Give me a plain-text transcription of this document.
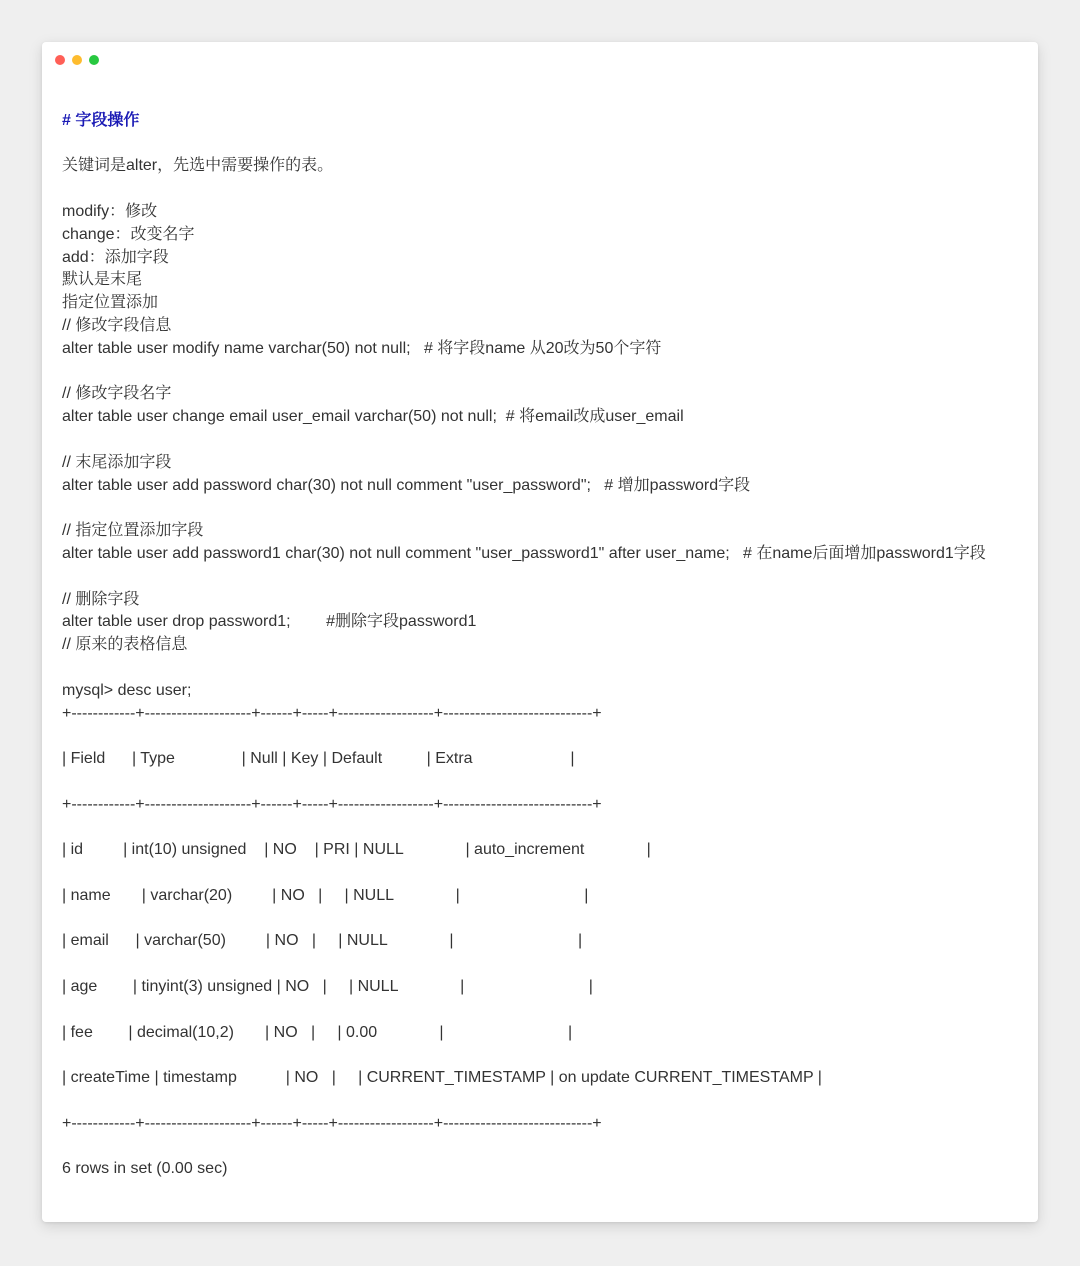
# 字段操作
关键词是alter，先选中需要操作的表。
modify：修改
change：改变名字
add：添加字段
默认是末尾
指定位置添加
// 修改字段信息
alter table user modify name varchar(50) not null;   # 将字段name 从20改为50个字符
// 修改字段名字
alter table user change email user_email varchar(50) not null;  # 将email改成user_email
// 末尾添加字段
alter table user add password char(30) not null comment "user_password";   # 增加password字段
// 指定位置添加字段
alter table user add password1 char(30) not null comment "user_password1" after user_name;   # 在name后面增加password1字段
// 删除字段
alter table user drop password1;        #删除字段password1
// 原来的表格信息
mysql> desc user;
+------------+--------------------+------+-----+------------------+----------------------------+
| Field      | Type               | Null | Key | Default          | Extra                      |
+------------+--------------------+------+-----+------------------+----------------------------+
| id         | int(10) unsigned    | NO    | PRI | NULL              | auto_increment              |
| name       | varchar(20)         | NO   |     | NULL              |                            |
| email      | varchar(50)         | NO   |     | NULL              |                            |
| age        | tinyint(3) unsigned | NO   |     | NULL              |                            |
| fee        | decimal(10,2)       | NO   |     | 0.00              |                            |
| createTime | timestamp           | NO   |     | CURRENT_TIMESTAMP | on update CURRENT_TIMESTAMP |
+------------+--------------------+------+-----+------------------+----------------------------+
6 rows in set (0.00 sec)
